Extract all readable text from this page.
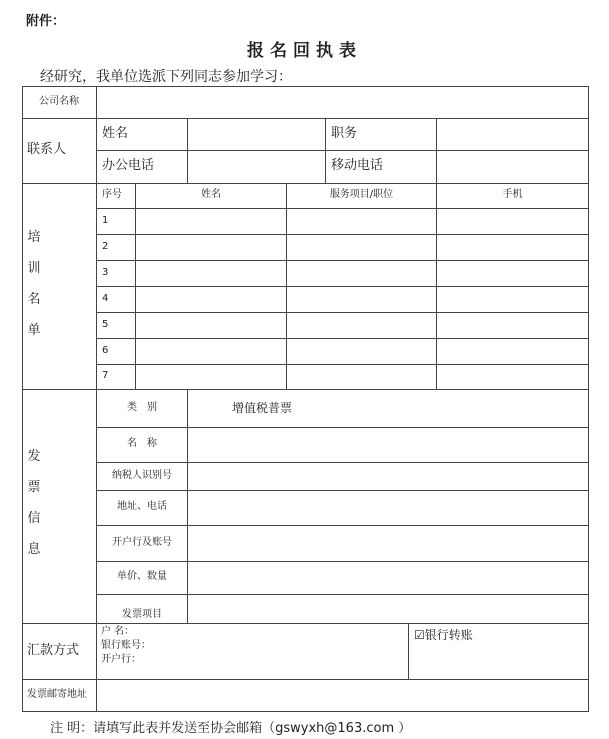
附件：
报名回执表
经研究，我单位选派下列同志参加学习：
公司名称
联系人
姓名	职务
办公电话	移动电话
培
训
名
单
序号	姓名	服务项目/职位	手机
1
2
3
4
5
6
7
发
票
信
息
类　别	增值税普票
名　称
纳税人识别号
地址、电话
开户行及账号
单价、数量
发票项目
汇款方式
户 名：
银行账号：
开户行：
☑银行转账
发票邮寄地址
注 明：请填写此表并发送至协会邮箱（gswyxh@163.com ）
